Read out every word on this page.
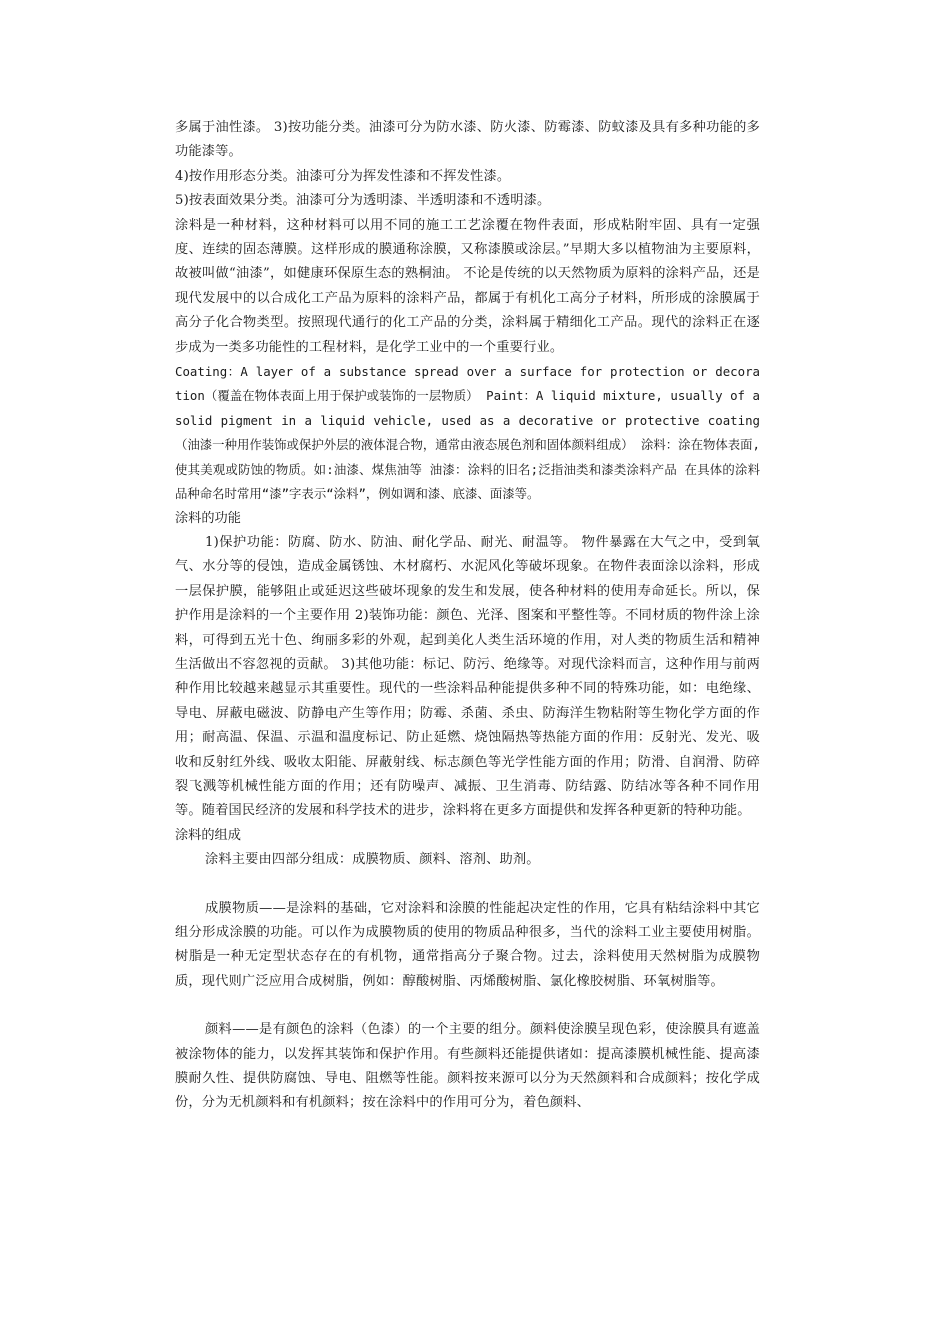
多属于油性漆。 3)按功能分类。油漆可分为防水漆、防火漆、防霉漆、防蚊漆及具有多种功能的多功能漆等。

4)按作用形态分类。油漆可分为挥发性漆和不挥发性漆。

5)按表面效果分类。油漆可分为透明漆、半透明漆和不透明漆。

涂料是一种材料，这种材料可以用不同的施工工艺涂覆在物件表面，形成粘附牢固、具有一定强度、连续的固态薄膜。这样形成的膜通称涂膜，又称漆膜或涂层。”早期大多以植物油为主要原料，故被叫做“油漆”，如健康环保原生态的熟桐油。 不论是传统的以天然物质为原料的涂料产品，还是现代发展中的以合成化工产品为原料的涂料产品，都属于有机化工高分子材料，所形成的涂膜属于高分子化合物类型。按照现代通行的化工产品的分类，涂料属于精细化工产品。现代的涂料正在逐步成为一类多功能性的工程材料，是化学工业中的一个重要行业。

Coating：A layer of a substance spread over a surface for protection or decoration（覆盖在物体表面上用于保护或装饰的一层物质） Paint：A liquid mixture, usually of a solid pigment in a liquid vehicle, used as a decorative or protective coating（油漆一种用作装饰或保护外层的液体混合物，通常由液态展色剂和固体颜料组成） 涂料：涂在物体表面,使其美观或防蚀的物质。如:油漆、煤焦油等 油漆：涂料的旧名;泛指油类和漆类涂料产品 在具体的涂料品种命名时常用“漆”字表示“涂料”，例如调和漆、底漆、面漆等。

涂料的功能

1)保护功能：防腐、防水、防油、耐化学品、耐光、耐温等。 物件暴露在大气之中，受到氧气、水分等的侵蚀，造成金属锈蚀、木材腐朽、水泥风化等破坏现象。在物件表面涂以涂料，形成一层保护膜，能够阻止或延迟这些破坏现象的发生和发展，使各种材料的使用寿命延长。所以，保护作用是涂料的一个主要作用 2)装饰功能：颜色、光泽、图案和平整性等。不同材质的物件涂上涂料，可得到五光十色、绚丽多彩的外观，起到美化人类生活环境的作用，对人类的物质生活和精神生活做出不容忽视的贡献。 3)其他功能：标记、防污、绝缘等。对现代涂料而言，这种作用与前两种作用比较越来越显示其重要性。现代的一些涂料品种能提供多种不同的特殊功能，如：电绝缘、导电、屏蔽电磁波、防静电产生等作用；防霉、杀菌、杀虫、防海洋生物粘附等生物化学方面的作用；耐高温、保温、示温和温度标记、防止延燃、烧蚀隔热等热能方面的作用：反射光、发光、吸收和反射红外线、吸收太阳能、屏蔽射线、标志颜色等光学性能方面的作用；防滑、自润滑、防碎裂飞溅等机械性能方面的作用；还有防噪声、减振、卫生消毒、防结露、防结冰等各种不同作用等。随着国民经济的发展和科学技术的进步，涂料将在更多方面提供和发挥各种更新的特种功能。

涂料的组成

涂料主要由四部分组成：成膜物质、颜料、溶剂、助剂。

成膜物质——是涂料的基础，它对涂料和涂膜的性能起决定性的作用，它具有粘结涂料中其它组分形成涂膜的功能。可以作为成膜物质的使用的物质品种很多，当代的涂料工业主要使用树脂。树脂是一种无定型状态存在的有机物，通常指高分子聚合物。过去，涂料使用天然树脂为成膜物质，现代则广泛应用合成树脂，例如：醇酸树脂、丙烯酸树脂、氯化橡胶树脂、环氧树脂等。

颜料——是有颜色的涂料（色漆）的一个主要的组分。颜料使涂膜呈现色彩，使涂膜具有遮盖被涂物体的能力，以发挥其装饰和保护作用。有些颜料还能提供诸如：提高漆膜机械性能、提高漆膜耐久性、提供防腐蚀、导电、阻燃等性能。颜料按来源可以分为天然颜料和合成颜料；按化学成份，分为无机颜料和有机颜料；按在涂料中的作用可分为，着色颜料、
